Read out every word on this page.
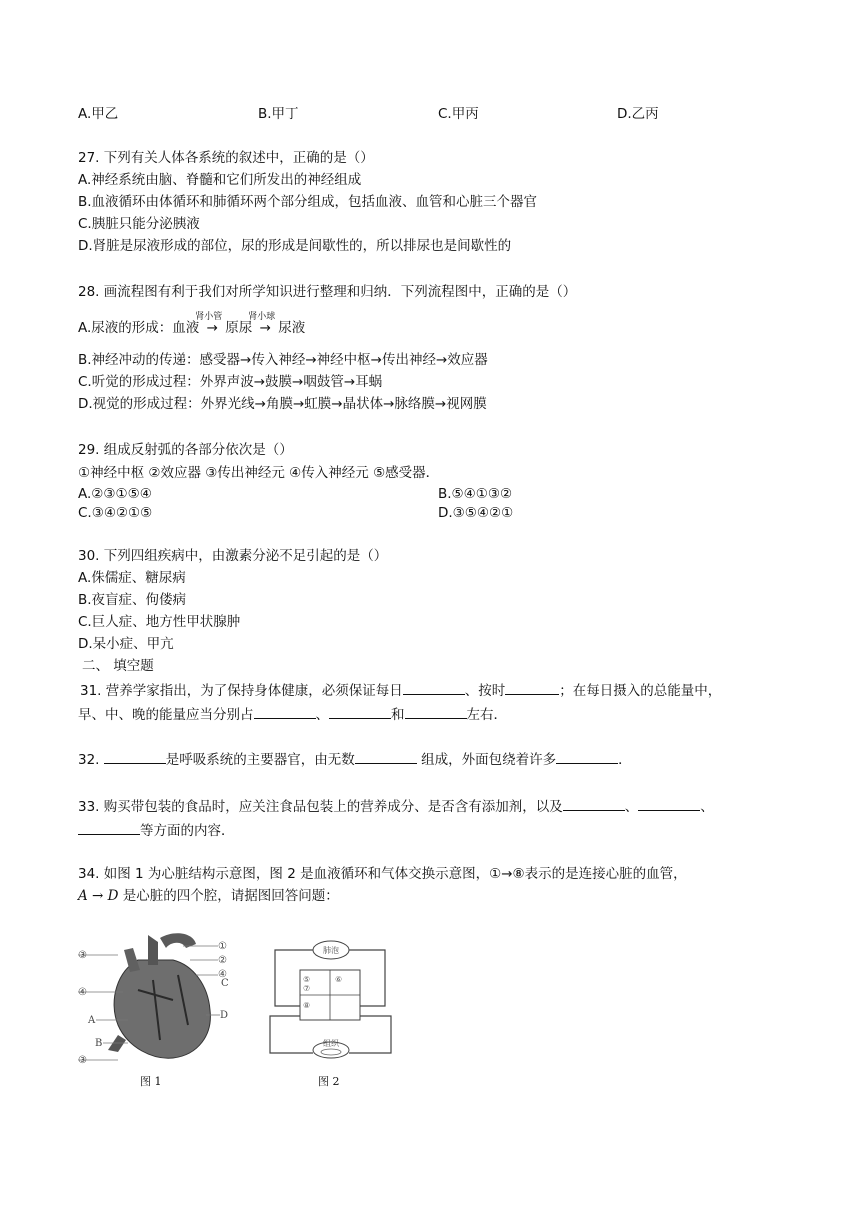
A.甲乙	B.甲丁	C.甲丙	D.乙丙
27. 下列有关人体各系统的叙述中，正确的是（）
A.神经系统由脑、脊髓和它们所发出的神经组成
B.血液循环由体循环和肺循环两个部分组成，包括血液、血管和心脏三个器官
C.胰脏只能分泌胰液
D.肾脏是尿液形成的部位，尿的形成是间歇性的，所以排尿也是间歇性的
28. 画流程图有利于我们对所学知识进行整理和归纳．下列流程图中，正确的是（）
A.尿液的形成：血液
肾小管
→ 原尿
肾小球
→ 尿液
B.神经冲动的传递：感受器→传入神经→神经中枢→传出神经→效应器
C.听觉的形成过程：外界声波→鼓膜→咽鼓管→耳蜗
D.视觉的形成过程：外界光线→角膜→虹膜→晶状体→脉络膜→视网膜
29. 组成反射弧的各部分依次是（）
①神经中枢 ②效应器 ③传出神经元 ④传入神经元 ⑤感受器．
A.②③①⑤④	B.⑤④①③②
C.③④②①⑤	D.③⑤④②①
30. 下列四组疾病中，由激素分泌不足引起的是（）
A.侏儒症、糖尿病
B.夜盲症、佝偻病
C.巨人症、地方性甲状腺肿
D.呆小症、甲亢
二、 填空题
31. 营养学家指出，为了保持身体健康，必须保证每日	、按时	；在每日摄入的总能量中，
早、中、晚的能量应当分别占	、	和	左右．
32.	是呼吸系统的主要器官，由无数	组成，外面包绕着许多	．
33. 购买带包装的食品时，应关注食品包装上的营养成分、是否含有添加剂，以及	、	、
等方面的内容．
34. 如图 1 为心脏结构示意图，图 2 是血液循环和气体交换示意图，①→⑧表示的是连接心脏的血管，
A → D 是心脏的四个腔，请据图回答问题：
③
①
②
④
C
④
A	D
B
③
图 1
肺泡
⑤	⑥
⑦
⑧
组织
图 2
